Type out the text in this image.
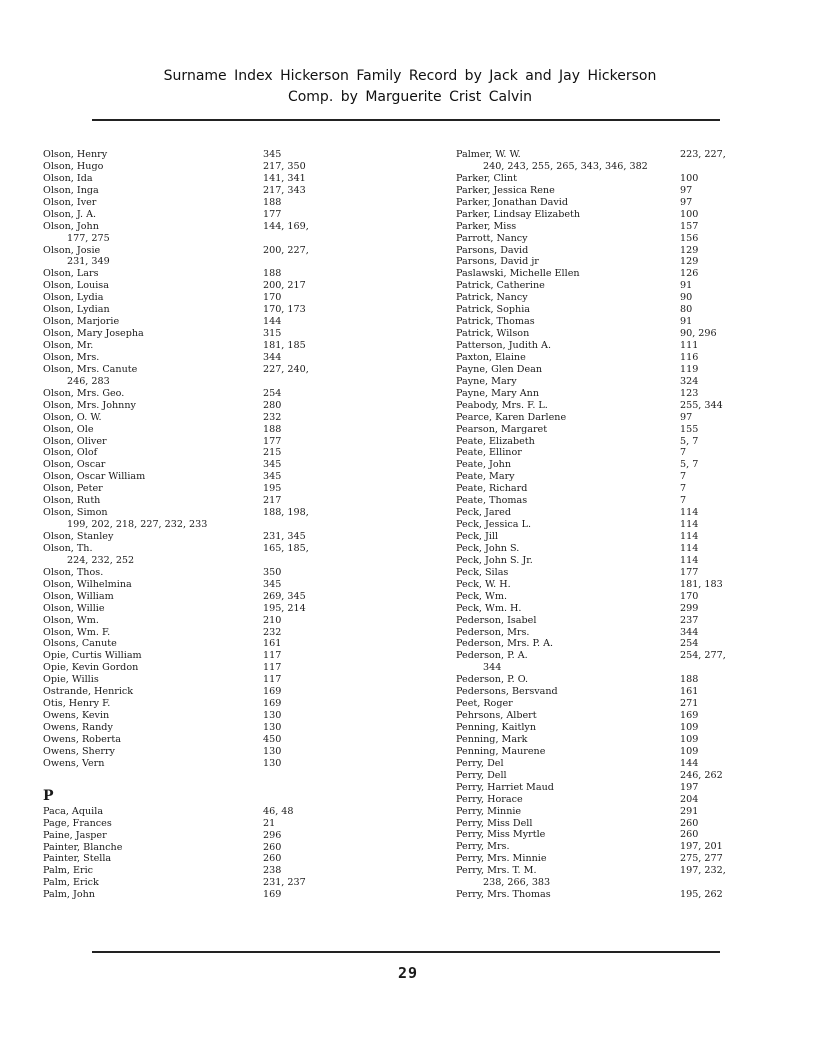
Surname Index Hickerson Family Record by Jack and Jay Hickerson
Comp. by Marguerite Crist Calvin
Olson, Henry	345
Olson, Hugo	217, 350
Olson, Ida	141, 341
Olson, Inga	217, 343
Olson, Iver	188
Olson, J. A.	177
Olson, John	144, 169,
177, 275
Olson, Josie	200, 227,
231, 349
Olson, Lars	188
Olson, Louisa	200, 217
Olson, Lydia	170
Olson, Lydian	170, 173
Olson, Marjorie	144
Olson, Mary Josepha	315
Olson, Mr.	181, 185
Olson, Mrs.	344
Olson, Mrs. Canute	227, 240,
246, 283
Olson, Mrs. Geo.	254
Olson, Mrs. Johnny	280
Olson, O. W.	232
Olson, Ole	188
Olson, Oliver	177
Olson, Olof	215
Olson, Oscar	345
Olson, Oscar William	345
Olson, Peter	195
Olson, Ruth	217
Olson, Simon	188, 198,
199, 202, 218, 227, 232, 233
Olson, Stanley	231, 345
Olson, Th.	165, 185,
224, 232, 252
Olson, Thos.	350
Olson, Wilhelmina	345
Olson, William	269, 345
Olson, Willie	195, 214
Olson, Wm.	210
Olson, Wm. F.	232
Olsons, Canute	161
Opie, Curtis William	117
Opie, Kevin Gordon	117
Opie, Willis	117
Ostrande, Henrick	169
Otis, Henry F.	169
Owens, Kevin	130
Owens, Randy	130
Owens, Roberta	450
Owens, Sherry	130
Owens, Vern	130
P
Paca, Aquila	46, 48
Page, Frances	21
Paine, Jasper	296
Painter, Blanche	260
Painter, Stella	260
Palm, Eric	238
Palm, Erick	231, 237
Palm, John	169
Palmer, W. W.	223, 227,
240, 243, 255, 265, 343, 346, 382
Parker, Clint	100
Parker, Jessica Rene	97
Parker, Jonathan David	97
Parker, Lindsay Elizabeth	100
Parker, Miss	157
Parrott, Nancy	156
Parsons, David	129
Parsons, David jr	129
Paslawski, Michelle Ellen	126
Patrick, Catherine	91
Patrick, Nancy	90
Patrick, Sophia	80
Patrick, Thomas	91
Patrick, Wilson	90, 296
Patterson, Judith A.	111
Paxton, Elaine	116
Payne, Glen Dean	119
Payne, Mary	324
Payne, Mary Ann	123
Peabody, Mrs. F. L.	255, 344
Pearce, Karen Darlene	97
Pearson, Margaret	155
Peate, Elizabeth	5, 7
Peate, Ellinor	7
Peate, John	5, 7
Peate, Mary	7
Peate, Richard	7
Peate, Thomas	7
Peck, Jared	114
Peck, Jessica L.	114
Peck, Jill	114
Peck, John S.	114
Peck, John S. Jr.	114
Peck, Silas	177
Peck, W. H.	181, 183
Peck, Wm.	170
Peck, Wm. H.	299
Pederson, Isabel	237
Pederson, Mrs.	344
Pederson, Mrs. P. A.	254
Pederson, P. A.	254, 277,
344
Pederson, P. O.	188
Pedersons, Bersvand	161
Peet, Roger	271
Pehrsons, Albert	169
Penning, Kaitlyn	109
Penning, Mark	109
Penning, Maurene	109
Perry, Del	144
Perry, Dell	246, 262
Perry, Harriet Maud	197
Perry, Horace	204
Perry, Minnie	291
Perry, Miss Dell	260
Perry, Miss Myrtle	260
Perry, Mrs.	197, 201
Perry, Mrs. Minnie	275, 277
Perry, Mrs. T. M.	197, 232,
238, 266, 383
Perry, Mrs. Thomas	195, 262
29
